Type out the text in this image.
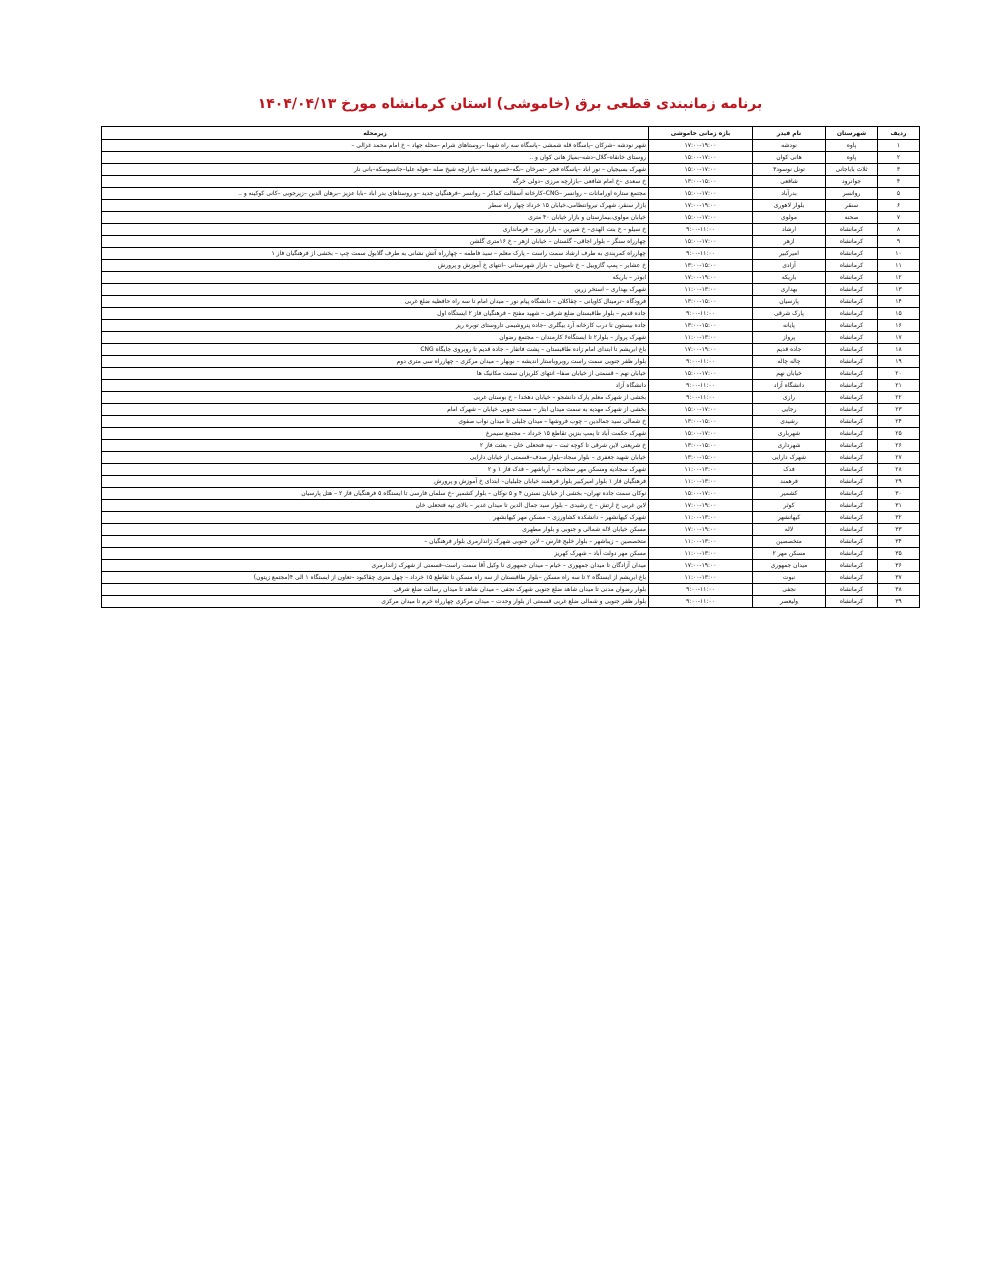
برنامه زمانبندی قطعی برق (خاموشی) استان کرمانشاه مورخ ۱۴۰۴/۰۴/۱۳
ردیف	شهرستان	نام فیدر	بازه زمانی خاموشی	زیرمحله
۱	پاوه	نودشه	۱۷:۰۰-۱۹:۰۰	شهر نودشه –شرکان –پاسگاه قله شمشی –پاسگاه سه راه شهدا –روستاهای شرام –محله جهاد – خ امام محمد غزالی –
۲	پاوه	هانی کوان	۱۵:۰۰-۱۷:۰۰	روستای خانقاه–گلال–دشه–بمیاژ هانی کوان و ..
۳	ثلاث باباجانی	تونل نوسود۳	۱۵:۰۰-۱۷:۰۰	شهرک بسیجیان – نور اباد –پاسگاه فجر –تمرخان –نگه–خسرو باشه –بازارچه شیخ صله –هوله علیا–جانسوسکه–بانی نار
۴	جوانرود	شافعی	۱۳:۰۰-۱۵:۰۰	خ سعدی –خ امام شافعی –بازارچه مرزی –دولی خرگه
۵	روانسر	بدرآباد	۱۵:۰۰-۱۷:۰۰	مجتمع ستاره اورامانات – روانسر –CNG–کارخانه آسفالت کماکر – روانسر –فرهنگیان جدید –و روستاهای بدر اباد –بابا عزیز –برهان الدین –زیرجوبی –کانی کوکینه و ..
۶	سنقر	بلوار لاهوری	۱۷:۰۰-۱۹:۰۰	بازار سنقر، شهرک نیروانتظامی،خیابان ۱۵ خرداد چهار راه سطر
۷	صحنه	مولوی	۱۵:۰۰-۱۷:۰۰	خیابان مولوی،بیمارستان و بازار خیابان ۴۰ متری
۸	کرمانشاه	ارشاد	۹:۰۰-۱۱:۰۰	خ سیلو – خ بنت الهدی– خ شیرین – بازار روز – فرمانداری
۹	کرمانشاه	ازهر	۱۵:۰۰-۱۷:۰۰	چهارراه سنگر – بلوار اجاقی– گلستان – خیابان ازهر – خ ۱۶متری گلشن
۱۰	کرمانشاه	امیرکبیر	۹:۰۰-۱۱:۰۰	چهارراه کمربندی به طرف ارشاد سمت راست – پارک معلم – سید فاطمه – چهارراه آتش نشانی به طرف گلابول سمت چپ – بخشی از فرهنگیان فاز ۱
۱۱	کرمانشاه	آزادی	۱۳:۰۰-۱۵:۰۰	خ عشایر – پمپ گازوییل – خ نامیوتان – بازار شهرستانی –انتهای خ آموزش و پرورش
۱۲	کرمانشاه	باریکه	۱۷:۰۰-۱۹:۰۰	ابوذر – باریکه
۱۳	کرمانشاه	بهداری	۱۱:۰۰-۱۳:۰۰	شهرک بهداری – استخر زرین
۱۴	کرمانشاه	پارسیان	۱۳:۰۰-۱۵:۰۰	فرودگاه –ترمینال کاویانی – چقاکلان – دانشگاه پیام نور – میدان امام تا سه راه حافظیه ضلع غربی
۱۵	کرمانشاه	پارک شرقی	۹:۰۰-۱۱:۰۰	جاده قدیم – بلوار طاقبستان ضلع شرقی – شهید مفتح – فرهنگیان فاز ۲ ایستگاه اول
۱۶	کرمانشاه	پایانه	۱۳:۰۰-۱۵:۰۰	جاده بیستون تا درب کارخانه آرد بیگلری –جاده پتروشیمی تاروستای توبره ریز
۱۷	کرمانشاه	پرواز	۱۱:۰۰-۱۳:۰۰	شهرک پرواز – بلوار۲ تا ایستگاه۶ کارمندان – مجتمع رضوان
۱۸	کرمانشاه	جاده قدیم	۱۷:۰۰-۱۹:۰۰	باغ ابریشم تا ابتدای امام زاده طاقبستان – پشت فاتفار – جاده قدیم تا روبروی جایگاه CNG
۱۹	کرمانشاه	چاله چاله	۹:۰۰-۱۱:۰۰	بلوار ظفر جنوبی سمت راست روبروباستار اندیشه – نوبهار – میدان مرکزی – چهارراه سی متری دوم
۲۰	کرمانشاه	خیابان نهم	۱۵:۰۰-۱۷:۰۰	خیابان نهم – قسمتی از خیابان صفا– انتهای کلریزان سمت مکانیک ها
۲۱	کرمانشاه	دانشگاه آزاد	۹:۰۰-۱۱:۰۰	دانشگاه آزاد
۲۲	کرمانشاه	رازی	۹:۰۰-۱۱:۰۰	بخشی از شهرک معلم پارک دانشجو – خیابان دهخدا – خ بوستان غربی
۲۳	کرمانشاه	رجایی	۱۵:۰۰-۱۷:۰۰	بخشی از شهرک مهدیه به سمت میدان ابتار – سمت جنوبی خیابان – شهرک امام
۲۴	کرمانشاه	رشیدی	۱۳:۰۰-۱۵:۰۰	خ شمالی سید جمالدین – چوب فروشها – میدان جلیلی تا میدان نواب صفوی
۲۵	کرمانشاه	شهرباری	۱۵:۰۰-۱۷:۰۰	شهرک حکمت آباد تا پمپ بنزین تقاطع ۱۵ خرداد – مجتمع سیمرغ
۲۶	کرمانشاه	شهرداری	۱۳:۰۰-۱۵:۰۰	خ شریعتی لاین شرقی تا کوچه ثبت – تپه فتحعلی خان – بعثت فاز ۲
۲۷	کرمانشاه	شهرک دارایی	۱۳:۰۰-۱۵:۰۰	خیابان شهید جعفری – بلوار سجاد–بلوار صدف–قسمتی از خیابان دارایی
۲۸	کرمانشاه	فدک	۱۱:۰۰-۱۳:۰۰	شهرک سجادیه ومسکن مهر سجادیه – آریاشهر – فدک فاز ۱ و ۲
۲۹	کرمانشاه	فرهمند	۱۱:۰۰-۱۳:۰۰	فرهنگیان فاز ۱ بلوار امیرکبیر بلوار فرهمند خیابان جلیلیان– ابتدای خ آموزش و پرورش
۳۰	کرمانشاه	کشمیر	۱۵:۰۰-۱۷:۰۰	نوکان سمت جاده تهران– بخشی از خیابان نسترن ۴ و ۵ نوکان – بلوار کشمیر –خ سلمان فارسی تا ایستگاه ۵ فرهنگیان فاز ۲ – هتل پارسیان
۳۱	کرمانشاه	کوثر	۱۷:۰۰-۱۹:۰۰	لاین غربی خ ارتش – خ رشیدی – بلوار سید جمال الدین تا میدان غدیر – بالای تپه فتحعلی خان
۳۲	کرمانشاه	کیهانشهر	۱۱:۰۰-۱۳:۰۰	شهرک کیهانشهر – دانشکده کشاورزی – مسکن مهر کیهانشهر
۳۳	کرمانشاه	لاله	۱۷:۰۰-۱۹:۰۰	مسکن خیابان لاله شمالی و جنوبی و بلوار مطهری
۳۴	کرمانشاه	متخصصین	۱۱:۰۰-۱۳:۰۰	متخصصین – زیباشهر – بلوار خلیج فارس – لاین جنوبی شهرک ژاندارمری بلوار فرهنگیان –
۳۵	کرمانشاه	مسکن مهر ۲	۱۱:۰۰-۱۳:۰۰	مسکن مهر دولت آباد – شهرک کهریز
۳۶	کرمانشاه	میدان جمهوری	۱۷:۰۰-۱۹:۰۰	میدان آزادگان تا میدان جمهوری – خیام – میدان جمهوری تا وکیل آقا سمت راست–قسمتی از شهرک ژاندارمری
۳۷	کرمانشاه	نبوت	۱۱:۰۰-۱۳:۰۰	باغ ابریشم از ایستگاه ۲ تا سه راه مسکن –بلوار طاقبستان از سه راه مسکن تا تقاطع ۱۵ خرداد – چهل متری چقاکبود –تعاون از ایستگاه ۱ الی ۴(مجتمع زیتون)
۳۸	کرمانشاه	نجفی	۹:۰۰-۱۱:۰۰	بلوار رضوان مدنی تا میدان شاهد ضلع جنوبی شهرک نجفی – میدان شاهد تا میدان رسالت ضلع شرقی
۳۹	کرمانشاه	ولیعصر	۹:۰۰-۱۱:۰۰	بلوار ظفر جنوبی و شمالی ضلع غربی قسمتی از بلوار وحدت – میدان مرکزی چهارراه خرم تا میدان مرکزی
